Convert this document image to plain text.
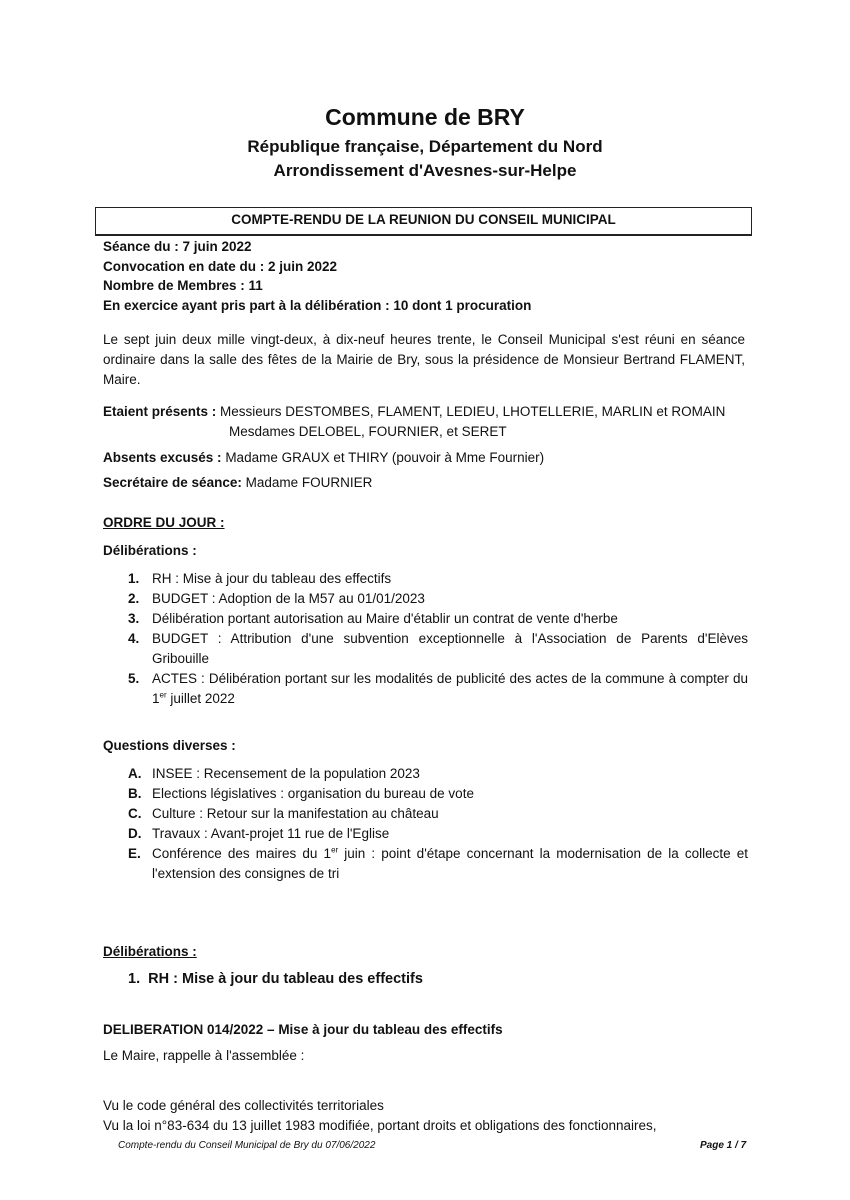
Commune de BRY
République française, Département du Nord
Arrondissement d'Avesnes-sur-Helpe
COMPTE-RENDU DE LA REUNION DU CONSEIL MUNICIPAL
Séance du : 7 juin 2022
Convocation en date du : 2 juin 2022
Nombre de Membres : 11
En exercice ayant pris part à la délibération : 10 dont 1 procuration
Le sept juin deux mille vingt-deux, à dix-neuf heures trente, le Conseil Municipal s'est réuni en séance ordinaire dans la salle des fêtes de la Mairie de Bry, sous la présidence de Monsieur Bertrand FLAMENT, Maire.
Etaient présents : Messieurs DESTOMBES, FLAMENT, LEDIEU, LHOTELLERIE, MARLIN et ROMAIN
Mesdames DELOBEL, FOURNIER, et SERET
Absents excusés : Madame GRAUX et THIRY (pouvoir à Mme Fournier)
Secrétaire de séance: Madame FOURNIER
ORDRE DU JOUR :
Délibérations :
1. RH : Mise à jour du tableau des effectifs
2. BUDGET : Adoption de la M57 au 01/01/2023
3. Délibération portant autorisation au Maire d'établir un contrat de vente d'herbe
4. BUDGET : Attribution d'une subvention exceptionnelle à l'Association de Parents d'Elèves Gribouille
5. ACTES : Délibération portant sur les modalités de publicité des actes de la commune à compter du 1er juillet 2022
Questions diverses :
A. INSEE : Recensement de la population 2023
B. Elections législatives : organisation du bureau de vote
C. Culture : Retour sur la manifestation au château
D. Travaux : Avant-projet 11 rue de l'Eglise
E. Conférence des maires du 1er juin : point d'étape concernant la modernisation de la collecte et l'extension des consignes de tri
Délibérations :
1. RH : Mise à jour du tableau des effectifs
DELIBERATION 014/2022 – Mise à jour du tableau des effectifs
Le Maire, rappelle à l'assemblée :
Vu le code général des collectivités territoriales
Vu la loi n°83-634 du 13 juillet 1983 modifiée, portant droits et obligations des fonctionnaires,
Compte-rendu du Conseil Municipal de Bry du 07/06/2022	Page 1 / 7
